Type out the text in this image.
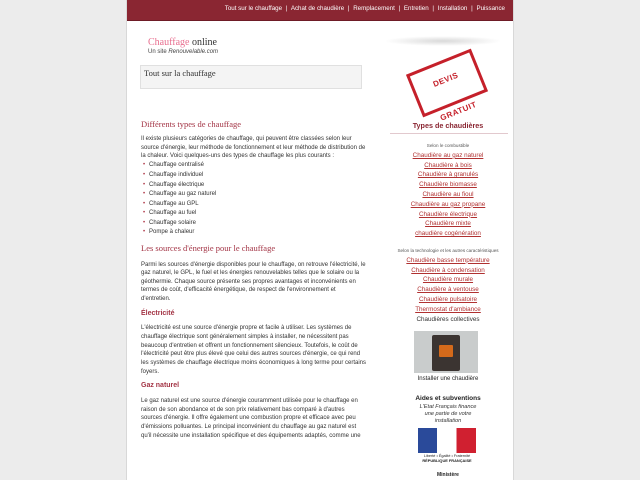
Tout sur le chauffage | Achat de chaudière | Remplacement | Entretien | Installation | Puissance
Chauffage online
Un site Renouvelable.com
Tout sur la chauffage
Différents types de chauffage

Il existe plusieurs catégories de chauffage, qui peuvent être classées selon leur source d'énergie, leur méthode de fonctionnement et leur méthode de distribution de la chaleur. Voici quelques-uns des types de chauffage les plus courants :

• Chauffage centralisé
• Chauffage individuel
• Chauffage électrique
• Chauffage au gaz naturel
• Chauffage au GPL
• Chauffage au fuel
• Chauffage solaire
• Pompe à chaleur
Les sources d'énergie pour le chauffage

Parmi les sources d'énergie disponibles pour le chauffage, on retrouve l'électricité, le gaz naturel, le GPL, le fuel et les énergies renouvelables telles que le solaire ou la géothermie. Chaque source présente ses propres avantages et inconvénients en termes de coût, d'efficacité énergétique, de respect de l'environnement et d'entretien.

Électricité

L'électricité est une source d'énergie propre et facile à utiliser. Les systèmes de chauffage électrique sont généralement simples à installer, ne nécessitent pas beaucoup d'entretien et offrent un fonctionnement silencieux. Toutefois, le coût de l'électricité peut être plus élevé que celui des autres sources d'énergie, ce qui rend les systèmes de chauffage électrique moins économiques à long terme pour certains foyers.

Gaz naturel

Le gaz naturel est une source d'énergie couramment utilisée pour le chauffage en raison de son abondance et de son prix relativement bas comparé à d'autres sources d'énergie. Il offre également une combustion propre et efficace avec peu d'émissions polluantes. Le principal inconvénient du chauffage au gaz naturel est qu'il nécessite une installation spécifique et des équipements adaptés, comme une

DEVIS GRATUIT
Types de chaudières
Selon le combustible
Chaudière au gaz naturel
Chaudière à bois
Chaudière à granulés
Chaudière biomasse
Chaudière au fioul
Chaudière au gaz propane
Chaudière électrique
Chaudière mixte
chaudière cogénération
Selon la technologie et les autres caractéristiques
Chaudière basse température
Chaudière à condensation
Chaudière murale
Chaudière à ventouse
Chaudière pulsatoire
Thermostat d'ambiance
Chaudières collectives
Installer une chaudière
Aides et subventions
L'Etat Français finance
une partie de votre
installation
Liberté • Égalité • Fraternité
RÉPUBLIQUE FRANÇAISE
Ministère
